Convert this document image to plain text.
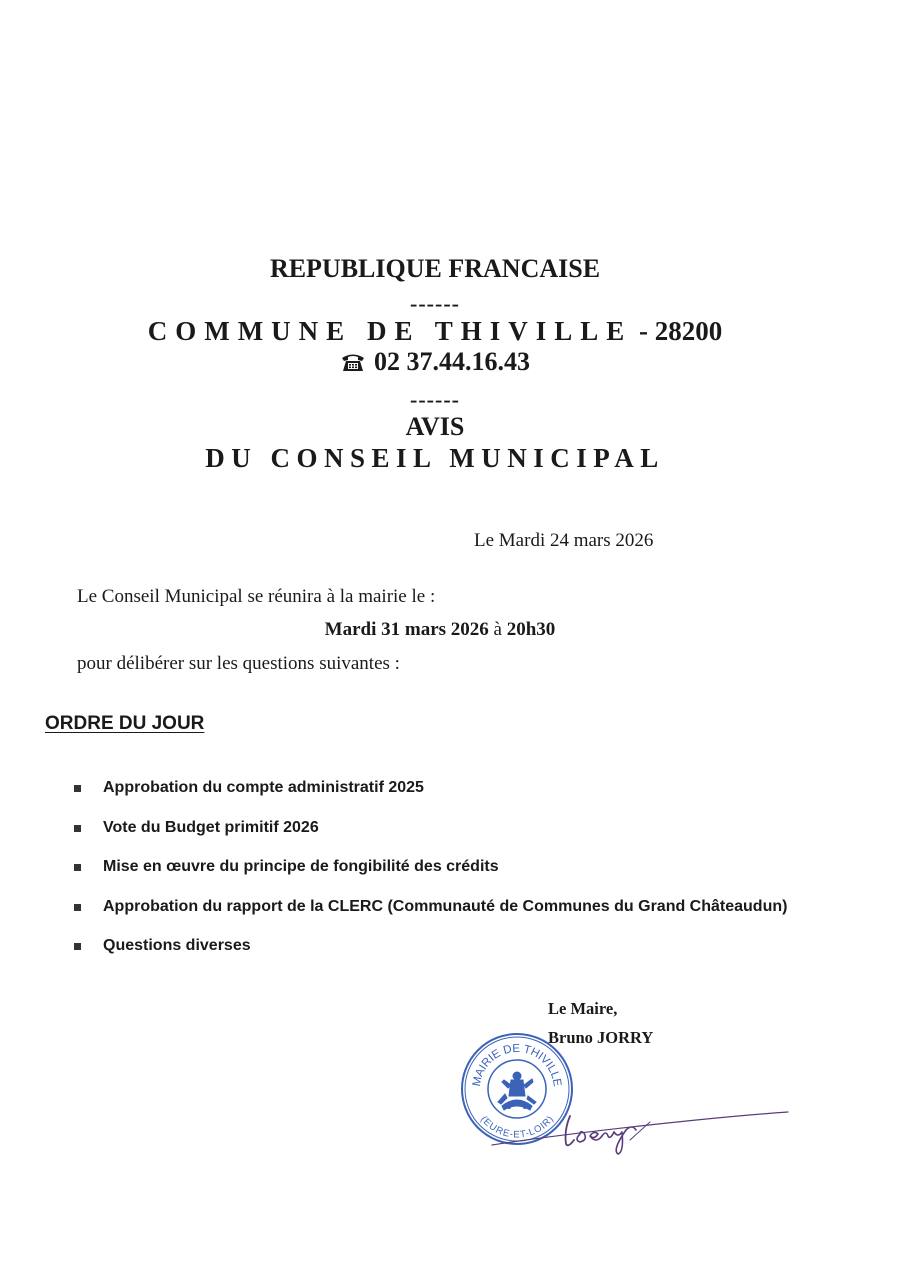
REPUBLIQUE FRANCAISE
------
COMMUNE DE THIVILLE - 28200
02 37.44.16.43
------
AVIS
DU CONSEIL MUNICIPAL
Le Mardi 24 mars 2026
Le Conseil Municipal se réunira à la mairie le :
Mardi 31 mars 2026 à 20h30
pour délibérer sur les questions suivantes :
ORDRE DU JOUR
Approbation du compte administratif 2025
Vote du Budget primitif 2026
Mise en œuvre du principe de fongibilité des crédits
Approbation du rapport de la CLERC (Communauté de Communes du Grand Châteaudun)
Questions diverses
Le Maire,
Bruno JORRY
MAIRIE DE THIVILLE
(EURE-ET-LOIR)
